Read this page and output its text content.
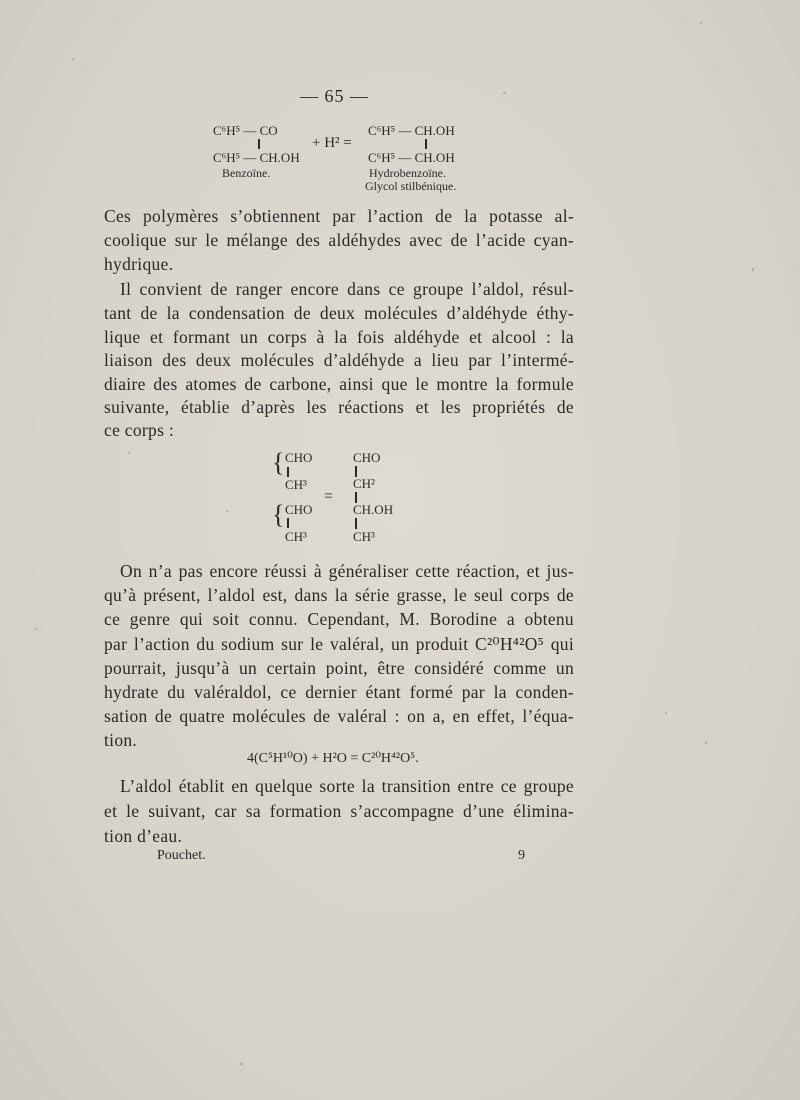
— 65 —
C⁶H⁵ — CO
C⁶H⁵ — CH.OH
+ H² =
C⁶H⁵ — CH.OH
C⁶H⁵ — CH.OH
Benzoïne.	Hydrobenzoïne.
Glycol stilbénique.
Ces polymères s’obtiennent par l’action de la potasse al-
coolique sur le mélange des aldéhydes avec de l’acide cyan-
hydrique.
Il convient de ranger encore dans ce groupe l’aldol, résul-
tant de la condensation de deux molécules d’aldéhyde éthy-
lique et formant un corps à la fois aldéhyde et alcool : la
liaison des deux molécules d’aldéhyde a lieu par l’intermé-
diaire des atomes de carbone, ainsi que le montre la formule
suivante, établie d’après les réactions et les propriétés de
ce corps :
{ CHO
CH³
=
{ CHO
CH³
CHO
CH²
CH.OH
CH³
On n’a pas encore réussi à généraliser cette réaction, et jus-
qu’à présent, l’aldol est, dans la série grasse, le seul corps de
ce genre qui soit connu. Cependant, M. Borodine a obtenu
par l’action du sodium sur le valéral, un produit C²⁰H⁴²O⁵ qui
pourrait, jusqu’à un certain point, être considéré comme un
hydrate du valéraldol, ce dernier étant formé par la conden-
sation de quatre molécules de valéral : on a, en effet, l’équa-
tion.
4(C⁵H¹⁰O) + H²O = C²⁰H⁴²O⁵.
L’aldol établit en quelque sorte la transition entre ce groupe
et le suivant, car sa formation s’accompagne d’une élimina-
tion d’eau.
Pouchet.	9
